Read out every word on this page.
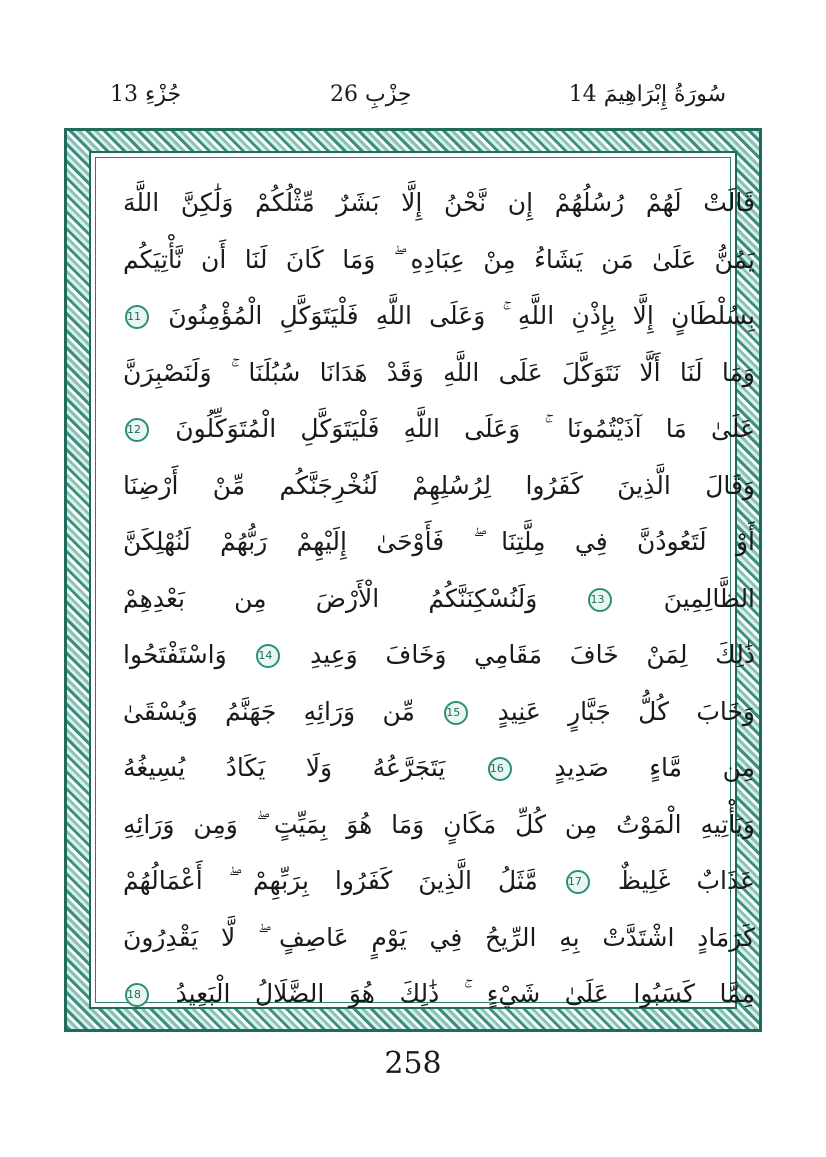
جُزْءِ 13	حِزْبِ 26	14 سُورَةُ إِبْرَاهِيمَ
قَالَتْ لَهُمْ رُسُلُهُمْ إِن نَّحْنُ إِلَّا بَشَرٌ مِّثْلُكُمْ وَلَٰكِنَّ اللَّهَ
يَمُنُّ عَلَىٰ مَن يَشَاءُ مِنْ عِبَادِهِ ۖ وَمَا كَانَ لَنَا أَن نَّأْتِيَكُم
بِسُلْطَانٍ إِلَّا بِإِذْنِ اللَّهِ ۚ وَعَلَى اللَّهِ فَلْيَتَوَكَّلِ الْمُؤْمِنُونَ 11
وَمَا لَنَا أَلَّا نَتَوَكَّلَ عَلَى اللَّهِ وَقَدْ هَدَانَا سُبُلَنَا ۚ وَلَنَصْبِرَنَّ
عَلَىٰ مَا آذَيْتُمُونَا ۚ وَعَلَى اللَّهِ فَلْيَتَوَكَّلِ الْمُتَوَكِّلُونَ 12
وَقَالَ الَّذِينَ كَفَرُوا لِرُسُلِهِمْ لَنُخْرِجَنَّكُم مِّنْ أَرْضِنَا
أَوْ لَتَعُودُنَّ فِي مِلَّتِنَا ۖ فَأَوْحَىٰ إِلَيْهِمْ رَبُّهُمْ لَنُهْلِكَنَّ
الظَّالِمِينَ 13 وَلَنُسْكِنَنَّكُمُ الْأَرْضَ مِن بَعْدِهِمْ
ذَٰلِكَ لِمَنْ خَافَ مَقَامِي وَخَافَ وَعِيدِ 14 وَاسْتَفْتَحُوا
وَخَابَ كُلُّ جَبَّارٍ عَنِيدٍ 15 مِّن وَرَائِهِ جَهَنَّمُ وَيُسْقَىٰ
مِن مَّاءٍ صَدِيدٍ 16 يَتَجَرَّعُهُ وَلَا يَكَادُ يُسِيغُهُ
وَيَأْتِيهِ الْمَوْتُ مِن كُلِّ مَكَانٍ وَمَا هُوَ بِمَيِّتٍ ۖ وَمِن وَرَائِهِ
عَذَابٌ غَلِيظٌ 17 مَّثَلُ الَّذِينَ كَفَرُوا بِرَبِّهِمْ ۖ أَعْمَالُهُمْ
كَرَمَادٍ اشْتَدَّتْ بِهِ الرِّيحُ فِي يَوْمٍ عَاصِفٍ ۖ لَّا يَقْدِرُونَ
مِمَّا كَسَبُوا عَلَىٰ شَيْءٍ ۚ ذَٰلِكَ هُوَ الضَّلَالُ الْبَعِيدُ 18
258
